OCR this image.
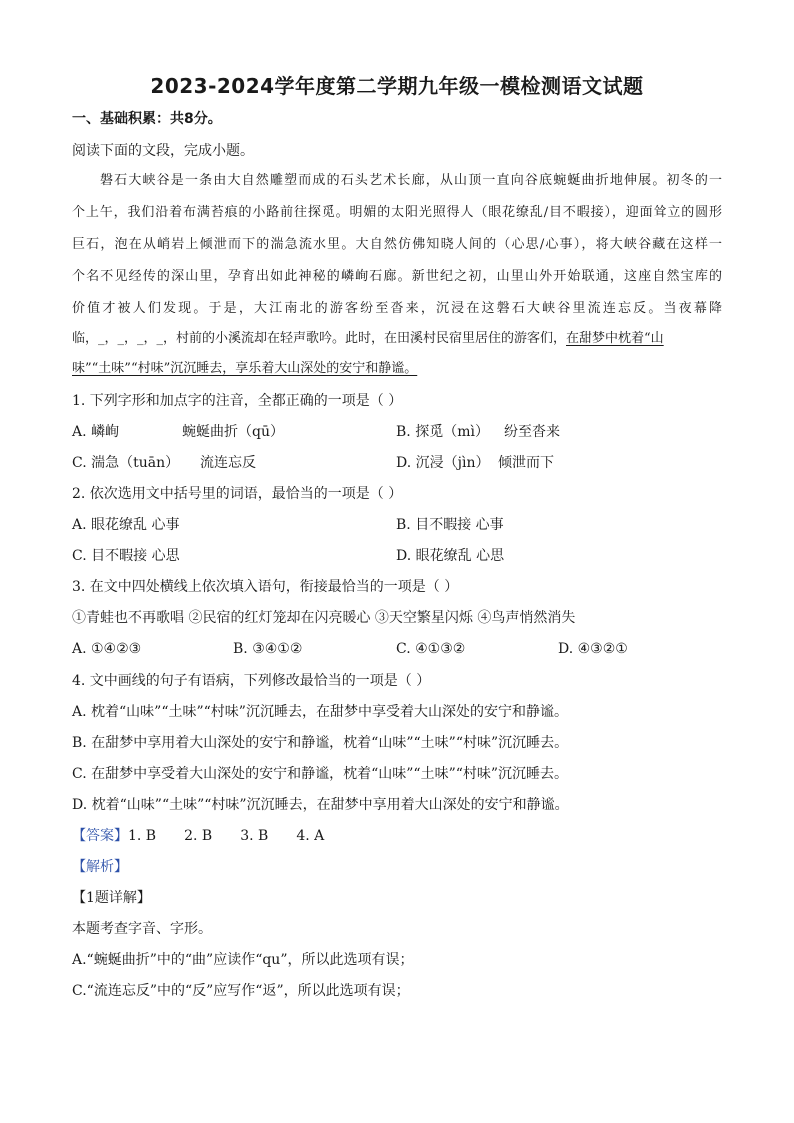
2023-2024学年度第二学期九年级一模检测语文试题
一、基础积累：共8分。
阅读下面的文段，完成小题。
磐石大峡谷是一条由大自然雕塑而成的石头艺术长廊，从山顶一直向谷底蜿蜒曲折地伸展。初冬的一
个上午，我们沿着布满苔痕的小路前往探觅。明媚的太阳光照得人（眼花缭乱/目不暇接），迎面耸立的圆形
巨石，泡在从峭岩上倾泄而下的湍急流水里。大自然仿佛知晓人间的（心思/心事），将大峡谷藏在这样一
个名不见经传的深山里，孕育出如此神秘的嶙峋石廊。新世纪之初，山里山外开始联通，这座自然宝库的
价值才被人们发现。于是，大江南北的游客纷至沓来，沉浸在这磐石大峡谷里流连忘反。当夜幕降
临，_，_，_，_，村前的小溪流却在轻声歌吟。此时，在田溪村民宿里居住的游客们，在甜梦中枕着“山
味”“土味”“村味”沉沉睡去，享乐着大山深处的安宁和静谧。
1. 下列字形和加点字的注音，全都正确的一项是（ ）
A. 嶙峋	蜿蜒曲折（qū）	B. 探觅（mì） 纷至沓来
C. 湍急（tuān） 流连忘反	D. 沉浸（jìn） 倾泄而下
2. 依次选用文中括号里的词语，最恰当的一项是（ ）
A. 眼花缭乱 心事	B. 目不暇接 心事
C. 目不暇接 心思	D. 眼花缭乱 心思
3. 在文中四处横线上依次填入语句，衔接最恰当的一项是（ ）
①青蛙也不再歌唱 ②民宿的红灯笼却在闪亮暖心 ③天空繁星闪烁 ④鸟声悄然消失
A. ①④②③	B. ③④①②	C. ④①③②	D. ④③②①
4. 文中画线的句子有语病，下列修改最恰当的一项是（ ）
A. 枕着“山味”“土味”“村味”沉沉睡去，在甜梦中享受着大山深处的安宁和静谧。
B. 在甜梦中享用着大山深处的安宁和静谧，枕着“山味”“土味”“村味”沉沉睡去。
C. 在甜梦中享受着大山深处的安宁和静谧，枕着“山味”“土味”“村味”沉沉睡去。
D. 枕着“山味”“土味”“村味”沉沉睡去，在甜梦中享用着大山深处的安宁和静谧。
【答案】1. B 2. B 3. B 4. A
【解析】
【1题详解】
本题考查字音、字形。
A.“蜿蜒曲折”中的“曲”应读作“qu”，所以此选项有误；
C.“流连忘反”中的“反”应写作“返”，所以此选项有误；
